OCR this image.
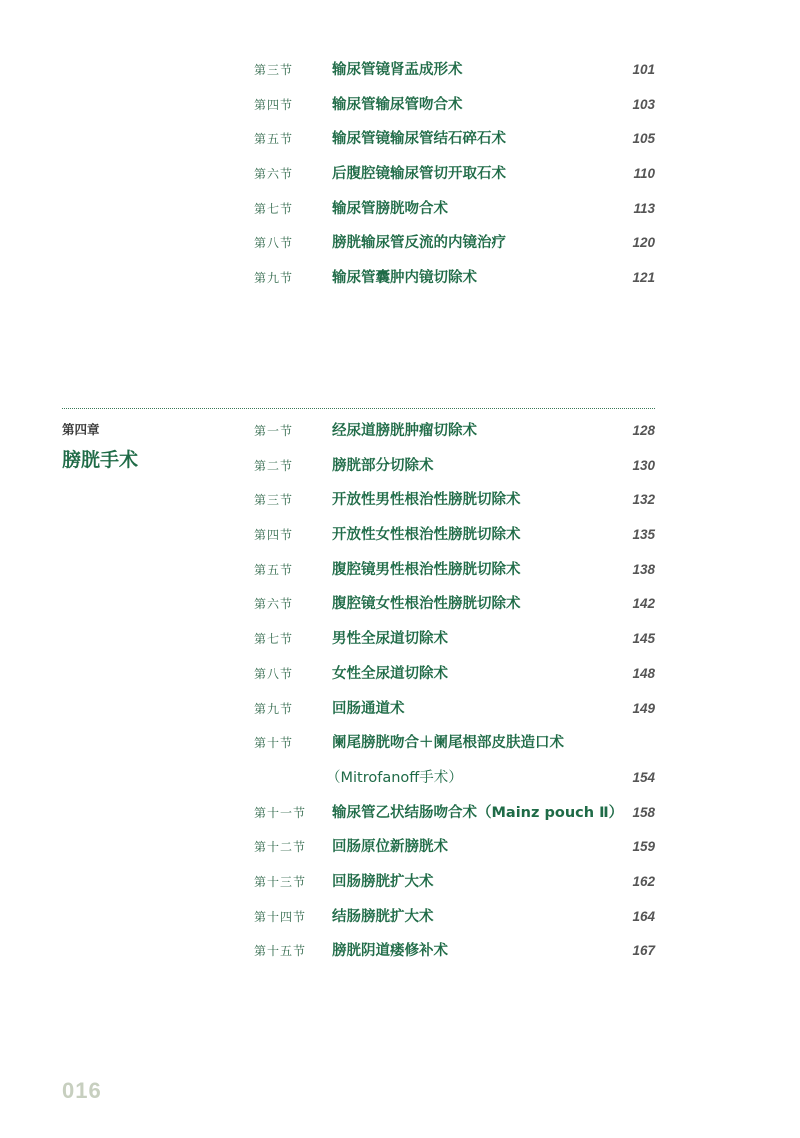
第三节	输尿管镜肾盂成形术	101
第四节	输尿管输尿管吻合术	103
第五节	输尿管镜输尿管结石碎石术	105
第六节	后腹腔镜输尿管切开取石术	110
第七节	输尿管膀胱吻合术	113
第八节	膀胱输尿管反流的内镜治疗	120
第九节	输尿管囊肿内镜切除术	121
第四章
膀胱手术
第一节	经尿道膀胱肿瘤切除术	128
第二节	膀胱部分切除术	130
第三节	开放性男性根治性膀胱切除术	132
第四节	开放性女性根治性膀胱切除术	135
第五节	腹腔镜男性根治性膀胱切除术	138
第六节	腹腔镜女性根治性膀胱切除术	142
第七节	男性全尿道切除术	145
第八节	女性全尿道切除术	148
第九节	回肠通道术	149
第十节	阑尾膀胱吻合＋阑尾根部皮肤造口术
（Mitrofanoff手术）	154
第十一节 输尿管乙状结肠吻合术（Mainz pouch Ⅱ） 158
第十二节 回肠原位新膀胱术	159
第十三节 回肠膀胱扩大术	162
第十四节 结肠膀胱扩大术	164
第十五节 膀胱阴道瘘修补术	167
016
